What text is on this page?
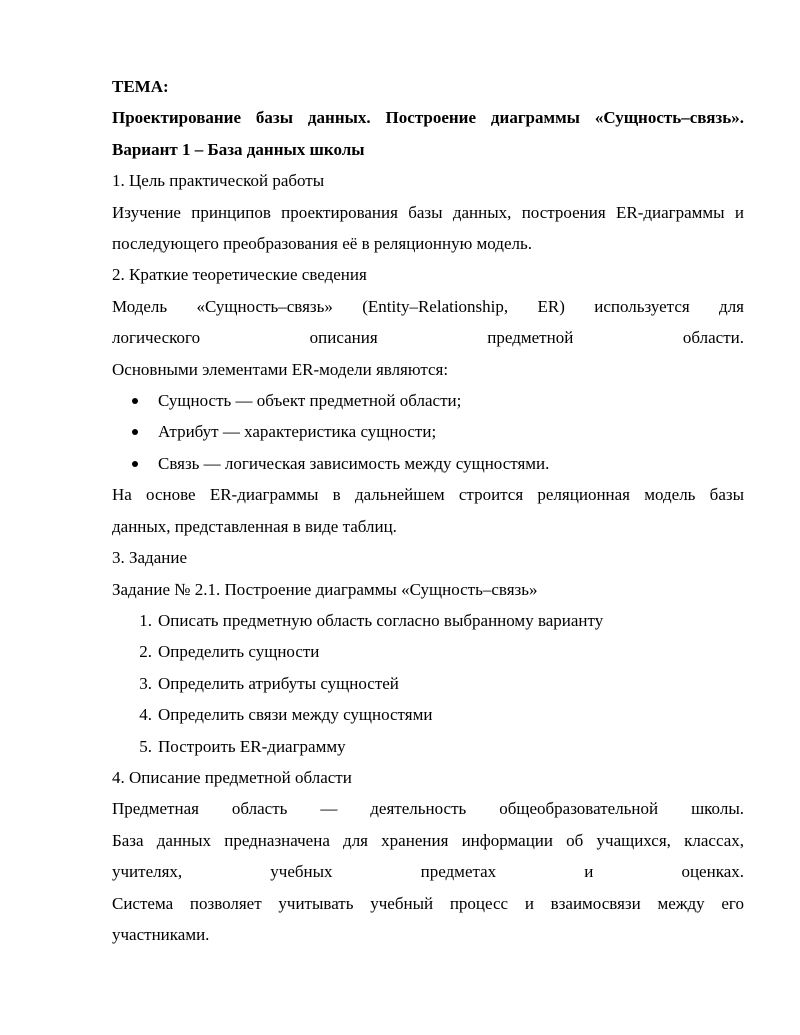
ТЕМА:

Проектирование базы данных. Построение диаграммы «Сущность–связь».

Вариант 1 – База данных школы

1. Цель практической работы

Изучение принципов проектирования базы данных, построения ER-диаграммы и

последующего преобразования её в реляционную модель.

2. Краткие теоретические сведения

Модель «Сущность–связь» (Entity–Relationship, ER) используется для

логического описания предметной области.

Основными элементами ER-модели являются:

Сущность — объект предметной области;
Атрибут — характеристика сущности;
Связь — логическая зависимость между сущностями.

На основе ER-диаграммы в дальнейшем строится реляционная модель базы

данных, представленная в виде таблиц.

3. Задание

Задание № 2.1. Построение диаграммы «Сущность–связь»

1. Описать предметную область согласно выбранному варианту
2. Определить сущности
3. Определить атрибуты сущностей
4. Определить связи между сущностями
5. Построить ER-диаграмму

4. Описание предметной области

Предметная область — деятельность общеобразовательной школы.

База данных предназначена для хранения информации об учащихся, классах,

учителях, учебных предметах и оценках.

Система позволяет учитывать учебный процесс и взаимосвязи между его

участниками.
